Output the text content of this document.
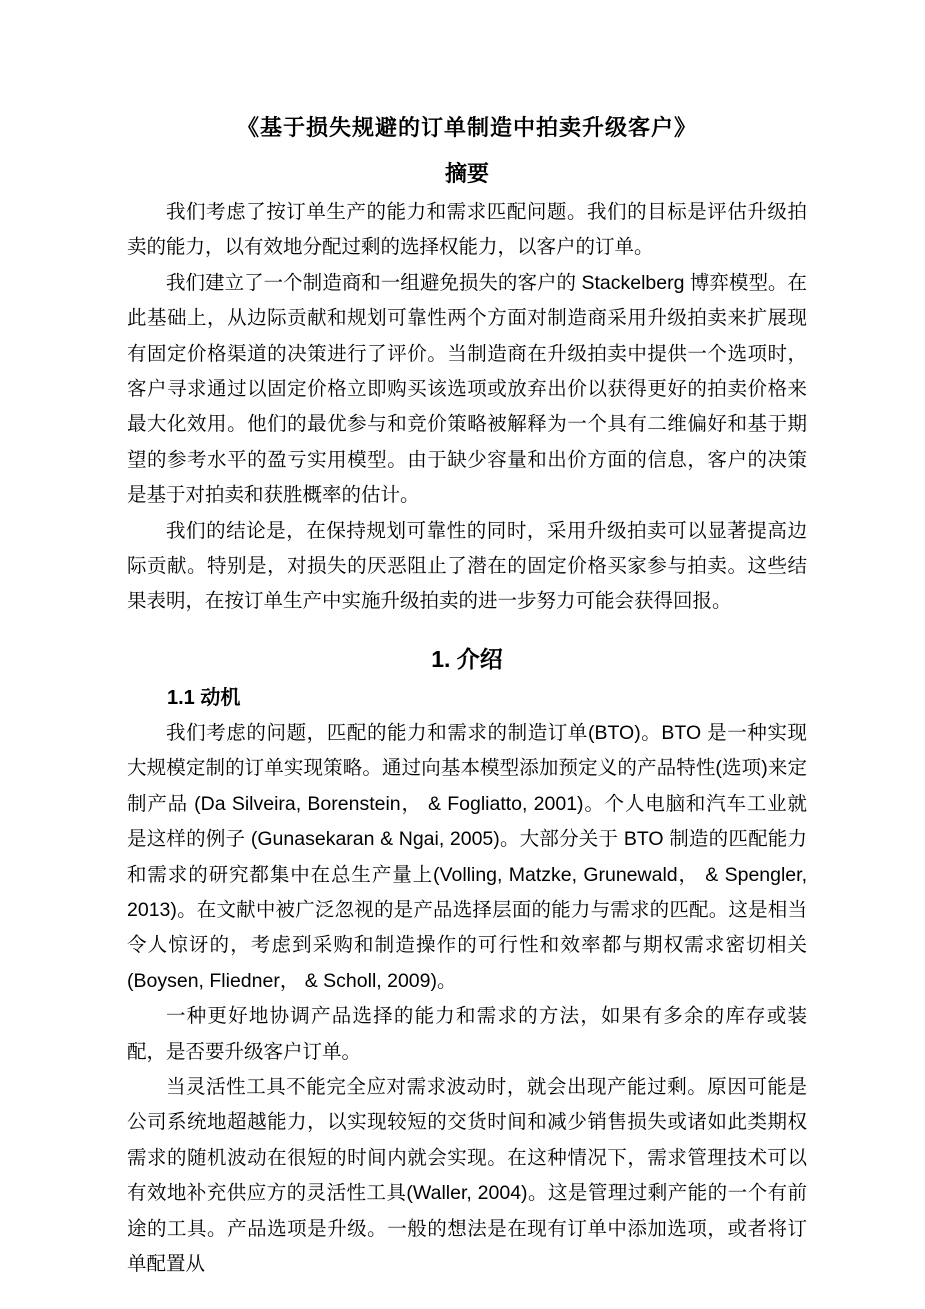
《基于损失规避的订单制造中拍卖升级客户》
摘要

我们考虑了按订单生产的能力和需求匹配问题。我们的目标是评估升级拍卖的能力，以有效地分配过剩的选择权能力，以客户的订单。

我们建立了一个制造商和一组避免损失的客户的 Stackelberg 博弈模型。在此基础上，从边际贡献和规划可靠性两个方面对制造商采用升级拍卖来扩展现有固定价格渠道的决策进行了评价。当制造商在升级拍卖中提供一个选项时，客户寻求通过以固定价格立即购买该选项或放弃出价以获得更好的拍卖价格来最大化效用。他们的最优参与和竞价策略被解释为一个具有二维偏好和基于期望的参考水平的盈亏实用模型。由于缺少容量和出价方面的信息，客户的决策是基于对拍卖和获胜概率的估计。

我们的结论是，在保持规划可靠性的同时，采用升级拍卖可以显著提高边际贡献。特别是，对损失的厌恶阻止了潜在的固定价格买家参与拍卖。这些结果表明，在按订单生产中实施升级拍卖的进一步努力可能会获得回报。

1. 介绍
1.1 动机

我们考虑的问题，匹配的能力和需求的制造订单(BTO)。BTO 是一种实现大规模定制的订单实现策略。通过向基本模型添加预定义的产品特性(选项)来定制产品 (Da Silveira, Borenstein， & Fogliatto, 2001)。个人电脑和汽车工业就是这样的例子 (Gunasekaran & Ngai, 2005)。大部分关于 BTO 制造的匹配能力和需求的研究都集中在总生产量上(Volling, Matzke, Grunewald， & Spengler, 2013)。在文献中被广泛忽视的是产品选择层面的能力与需求的匹配。这是相当令人惊讶的，考虑到采购和制造操作的可行性和效率都与期权需求密切相关(Boysen, Fliedner， & Scholl, 2009)。

一种更好地协调产品选择的能力和需求的方法，如果有多余的库存或装配，是否要升级客户订单。

当灵活性工具不能完全应对需求波动时，就会出现产能过剩。原因可能是公司系统地超越能力，以实现较短的交货时间和减少销售损失或诸如此类期权需求的随机波动在很短的时间内就会实现。在这种情况下，需求管理技术可以有效地补充供应方的灵活性工具(Waller, 2004)。这是管理过剩产能的一个有前途的工具。产品选项是升级。一般的想法是在现有订单中添加选项，或者将订单配置从
